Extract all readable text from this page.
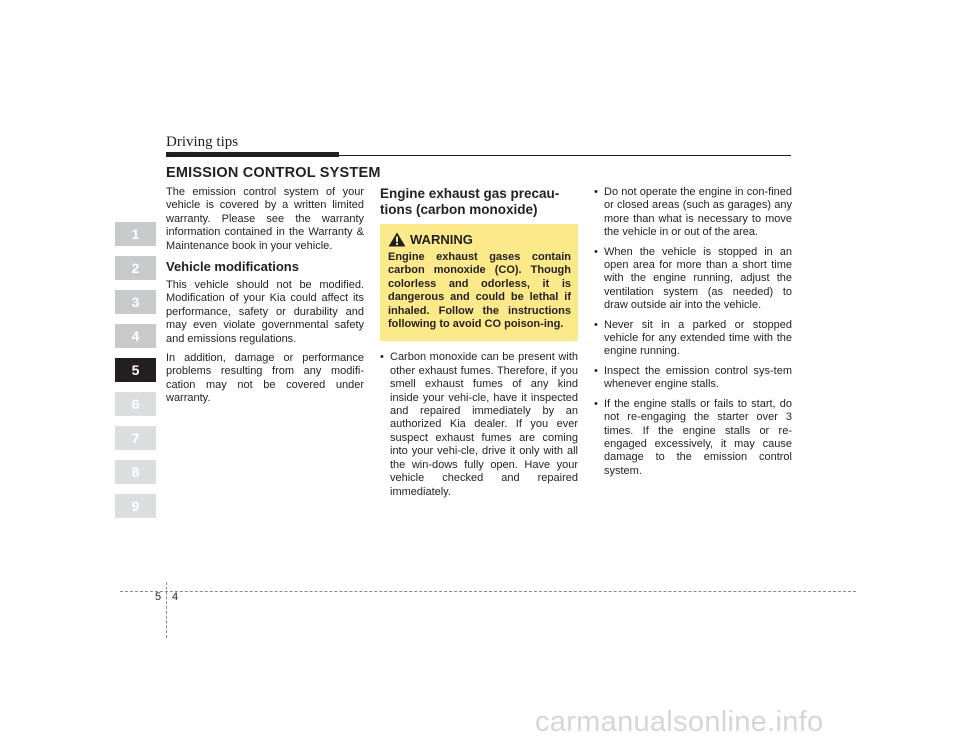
Driving tips
EMISSION CONTROL SYSTEM
1
2
3
4
5
6
7
8
9

The emission control system of your vehicle is covered by a written limited warranty. Please see the warranty information contained in the Warranty & Maintenance book in your vehicle.

Vehicle modifications

This vehicle should not be modified. Modification of your Kia could affect its performance, safety or durability and may even violate governmental safety and emissions regulations.

In addition, damage or performance problems resulting from any modifi-cation may not be covered under warranty.

Engine exhaust gas precau-tions (carbon monoxide)
WARNING
Engine exhaust gases contain carbon monoxide (CO). Though colorless and odorless, it is dangerous and could be lethal if inhaled. Follow the instructions following to avoid CO poison-ing.
• Carbon monoxide can be present with other exhaust fumes. Therefore, if you smell exhaust fumes of any kind inside your vehi-cle, have it inspected and repaired immediately by an authorized Kia dealer. If you ever suspect exhaust fumes are coming into your vehi-cle, drive it only with all the win-dows fully open. Have your vehicle checked and repaired immediately.
• Do not operate the engine in con-fined or closed areas (such as garages) any more than what is necessary to move the vehicle in or out of the area.
• When the vehicle is stopped in an open area for more than a short time with the engine running, adjust the ventilation system (as needed) to draw outside air into the vehicle.
• Never sit in a parked or stopped vehicle for any extended time with the engine running.
• Inspect the emission control sys-tem whenever engine stalls.
• If the engine stalls or fails to start, do not re-engaging the starter over 3 times. If the engine stalls or re-engaged excessively, it may cause damage to the emission control system.
5 4
carmanualsonline.info
